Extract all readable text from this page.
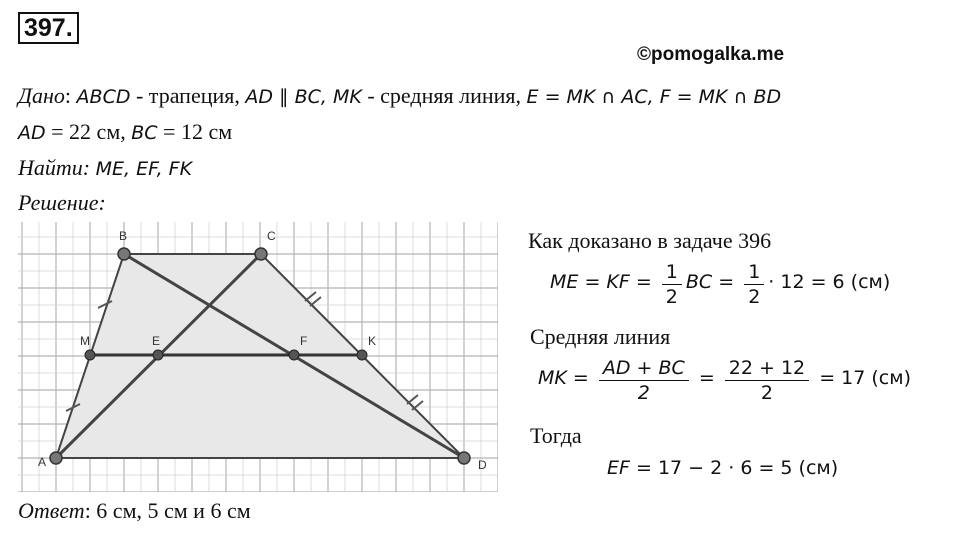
397.
©pomogalka.me
Дано: ABCD - трапеция, AD ∥ BC, MK - средняя линия, E = MK ∩ AC, F = MK ∩ BD
AD = 22 см, BC = 12 см
Найти: ME, EF, FK
Решение:
A
B	C
D
M	E	F	K
Как доказано в задаче 396
ME = KF = $\frac{1}{2}$ BC = $\frac{1}{2} \cdot 12 = 6$ (см)
Средняя линия
MK = $\frac{AD + BC}{2} = \frac{22 + 12}{2} = 17$ (см)
Тогда
EF = 17 − 2 · 6 = 5 (см)
Ответ: 6 см, 5 см и 6 см
